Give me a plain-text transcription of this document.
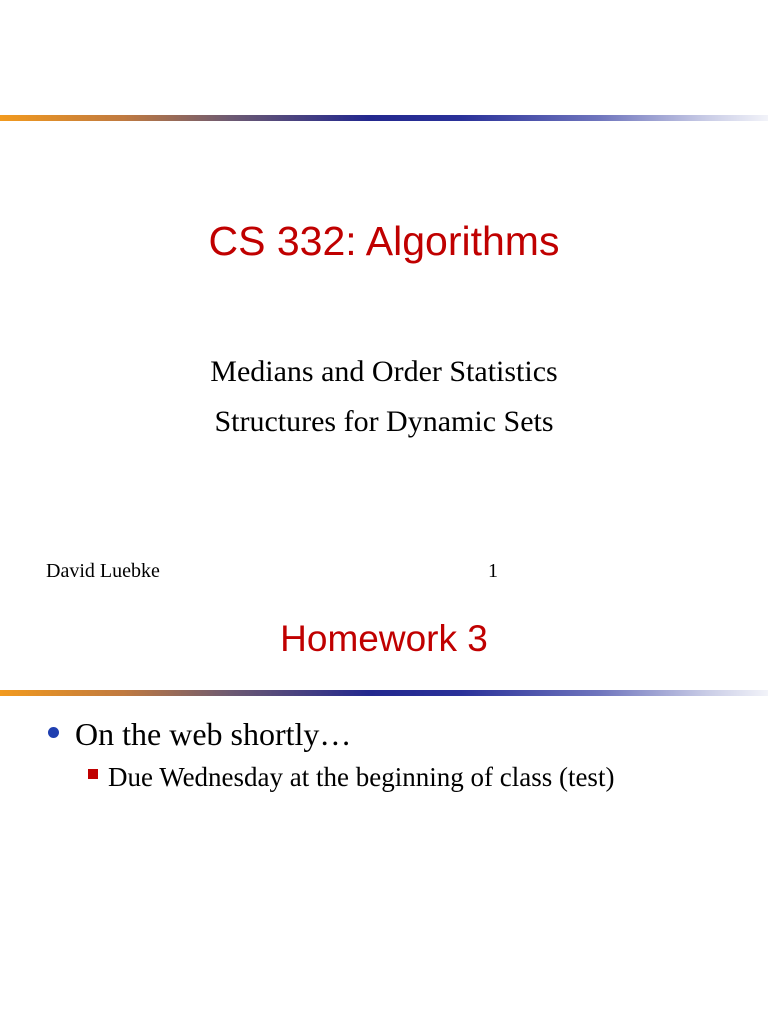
CS 332: Algorithms

Medians and Order Statistics

Structures for Dynamic Sets

David Luebke	1
Homework 3
On the web shortly…
Due Wednesday at the beginning of class (test)
